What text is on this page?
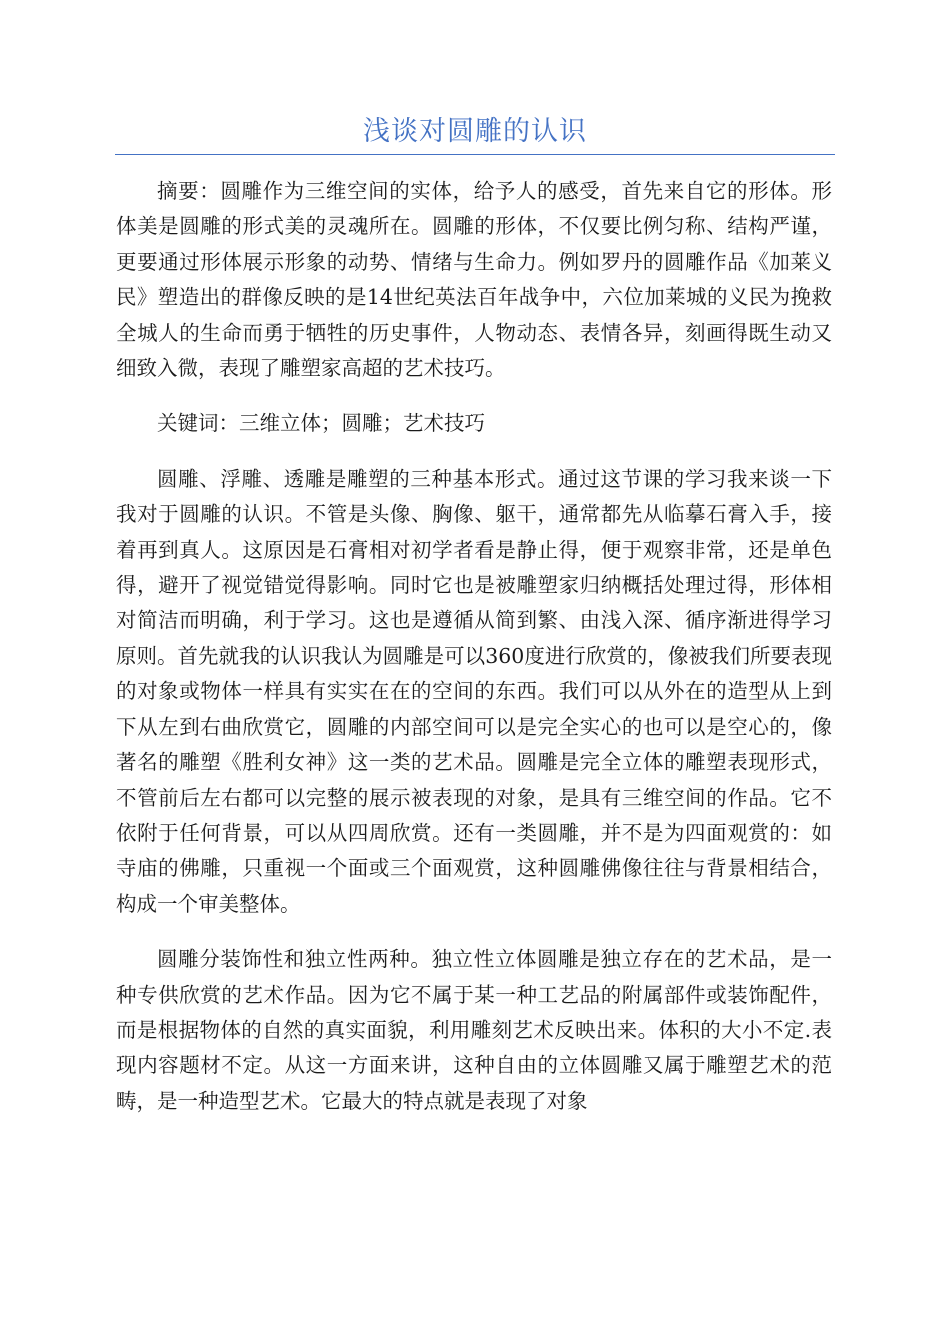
浅谈对圆雕的认识

摘要：圆雕作为三维空间的实体，给予人的感受，首先来自它的形体。形体美是圆雕的形式美的灵魂所在。圆雕的形体，不仅要比例匀称、结构严谨，更要通过形体展示形象的动势、情绪与生命力。例如罗丹的圆雕作品《加莱义民》塑造出的群像反映的是14世纪英法百年战争中，六位加莱城的义民为挽救全城人的生命而勇于牺牲的历史事件，人物动态、表情各异，刻画得既生动又细致入微，表现了雕塑家高超的艺术技巧。

关键词：三维立体；圆雕；艺术技巧

圆雕、浮雕、透雕是雕塑的三种基本形式。通过这节课的学习我来谈一下我对于圆雕的认识。不管是头像、胸像、躯干，通常都先从临摹石膏入手，接着再到真人。这原因是石膏相对初学者看是静止得，便于观察非常，还是单色得，避开了视觉错觉得影响。同时它也是被雕塑家归纳概括处理过得，形体相对简洁而明确，利于学习。这也是遵循从简到繁、由浅入深、循序渐进得学习原则。首先就我的认识我认为圆雕是可以360度进行欣赏的，像被我们所要表现的对象或物体一样具有实实在在的空间的东西。我们可以从外在的造型从上到下从左到右曲欣赏它，圆雕的内部空间可以是完全实心的也可以是空心的，像著名的雕塑《胜利女神》这一类的艺术品。圆雕是完全立体的雕塑表现形式，不管前后左右都可以完整的展示被表现的对象，是具有三维空间的作品。它不依附于任何背景，可以从四周欣赏。还有一类圆雕，并不是为四面观赏的：如寺庙的佛雕，只重视一个面或三个面观赏，这种圆雕佛像往往与背景相结合，构成一个审美整体。

圆雕分装饰性和独立性两种。独立性立体圆雕是独立存在的艺术品，是一种专供欣赏的艺术作品。因为它不属于某一种工艺品的附属部件或装饰配件，而是根据物体的自然的真实面貌，利用雕刻艺术反映出来。体积的大小不定.表现内容题材不定。从这一方面来讲，这种自由的立体圆雕又属于雕塑艺术的范畴，是一种造型艺术。它最大的特点就是表现了对象
